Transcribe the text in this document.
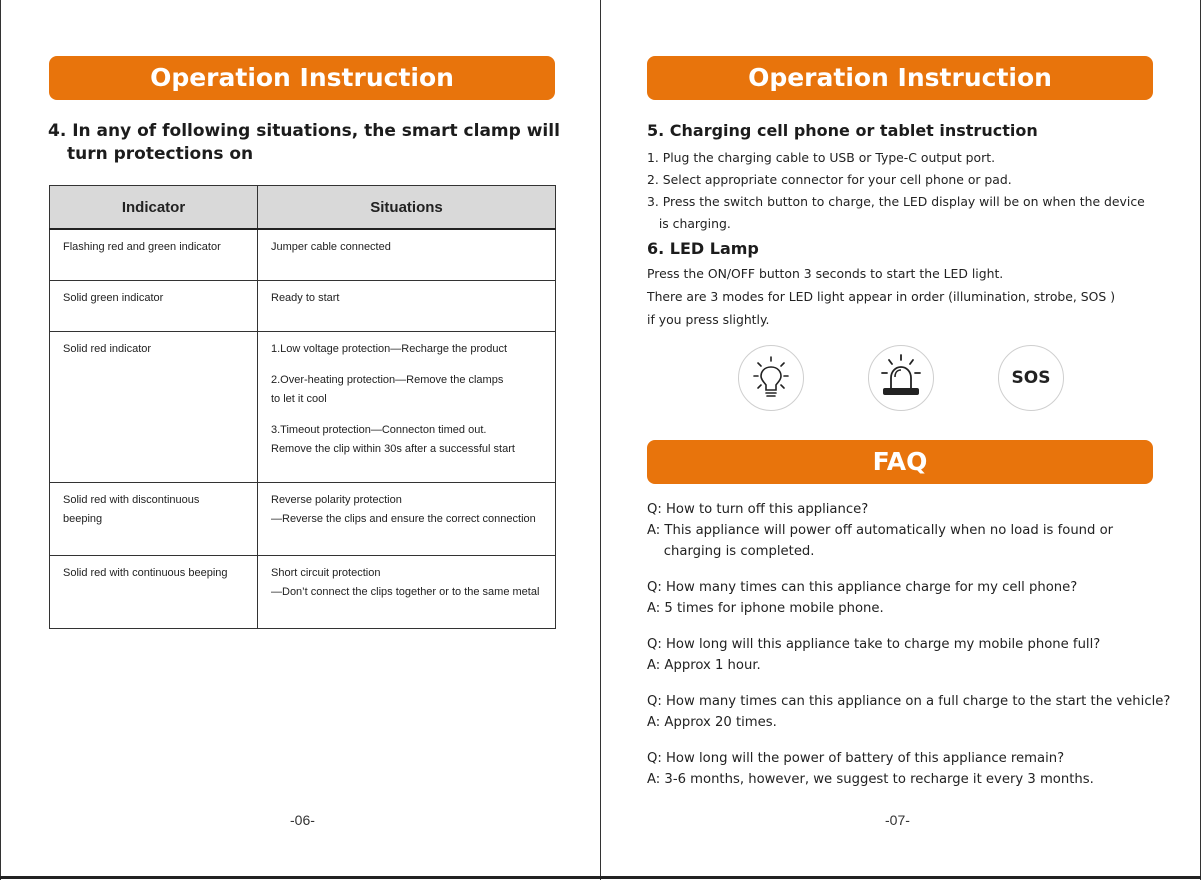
Operation Instruction
4. In any of following situations, the smart clamp will
turn protections on
Indicator	Situations

Flashing red and green indicator	Jumper cable connected

Solid green indicator	Ready to start

Solid red indicator	1.Low voltage protection—Recharge the product
2.Over-heating protection—Remove the clamps
to let it cool
3.Timeout protection—Connecton timed out.
Remove the clip within 30s after a successful start

Solid red with discontinuous
beeping	Reverse polarity protection
—Reverse the clips and ensure the correct connection

Solid red with continuous beeping	Short circuit protection
—Don’t connect the clips together or to the same metal
-06-
Operation Instruction
5. Charging cell phone or tablet instruction
1. Plug the charging cable to USB or Type-C output port.
2. Select appropriate connector for your cell phone or pad.
3. Press the switch button to charge, the LED display will be on when the device
is charging.
6. LED Lamp
Press the ON/OFF button 3 seconds to start the LED light.
There are 3 modes for LED light appear in order (illumination, strobe, SOS )
if you press slightly.
SOS
FAQ
Q: How to turn off this appliance?
A: This appliance will power off automatically when no load is found or
charging is completed.
Q: How many times can this appliance charge for my cell phone?
A: 5 times for iphone mobile phone.
Q: How long will this appliance take to charge my mobile phone full?
A: Approx 1 hour.
Q: How many times can this appliance on a full charge to the start the vehicle?
A: Approx 20 times.
Q: How long will the power of battery of this appliance remain?
A: 3-6 months, however, we suggest to recharge it every 3 months.
-07-
